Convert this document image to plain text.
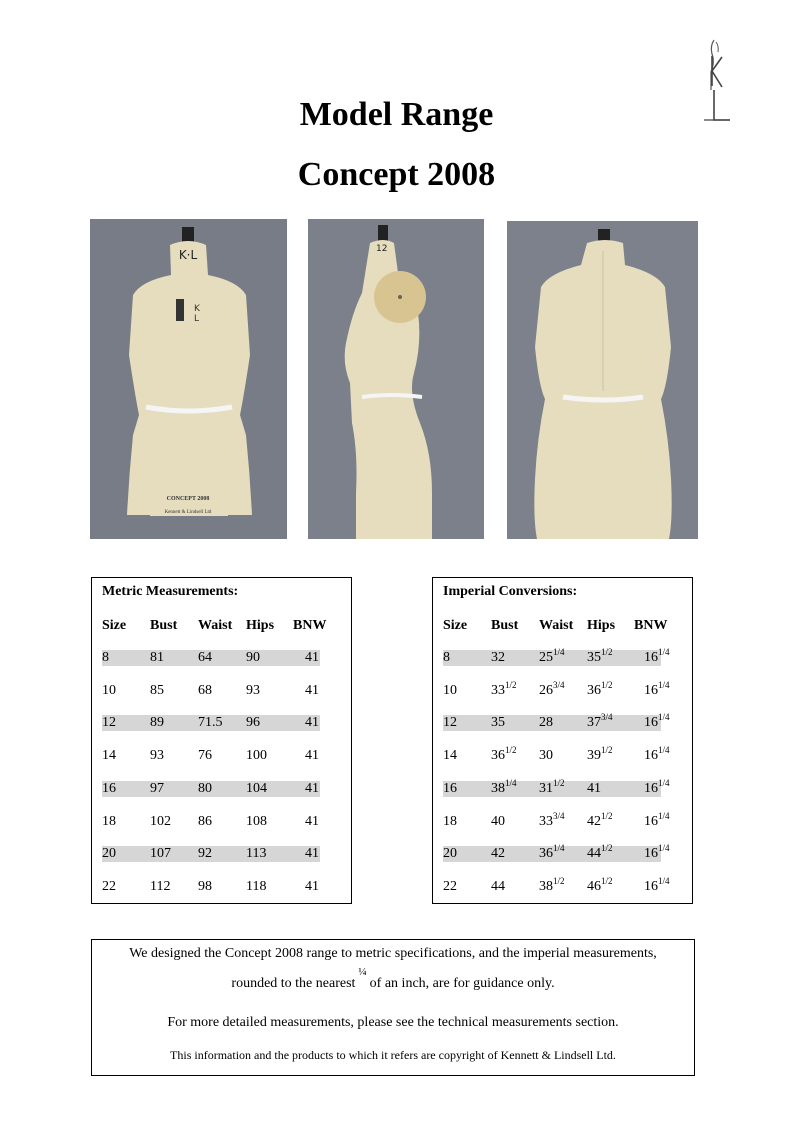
Model Range
Concept 2008
K·L
K
L
CONCEPT 2008
Kennett & Lindsell Ltd
12
Metric Measurements:
Size Bust Waist Hips BNW
8	81 64 90	41
10 85 68 93	41
12 89 71.5 96	41
14 93 76 100	41
16 97 80 104	41
18 102 86 108	41
20 107 92 113	41
22 112 98 118	41
Imperial Conversions:
Size Bust Waist Hips BNW
8	32 $25^{1/4}$ $35^{1/2}$ $16^{1/4}$
10 $33^{1/2}$ $26^{3/4}$ $36^{1/2}$ $16^{1/4}$
12 35 28 $37^{3/4}$ $16^{1/4}$
14 $36^{1/2}$ 30 $39^{1/2}$ $16^{1/4}$
16 $38^{1/4}$ $31^{1/2}$ 41	$16^{1/4}$
18 40 $33^{3/4}$ $42^{1/2}$ $16^{1/4}$
20 42 $36^{1/4}$ $44^{1/2}$ $16^{1/4}$
22 44 $38^{1/2}$ $46^{1/2}$ $16^{1/4}$
We designed the Concept 2008 range to metric specifications, and the imperial measurements,
rounded to the nearest$^{\frac{1}{4}}$of an inch, are for guidance only.
For more detailed measurements, please see the technical measurements section.
This information and the products to which it refers are copyright of Kennett & Lindsell Ltd.
